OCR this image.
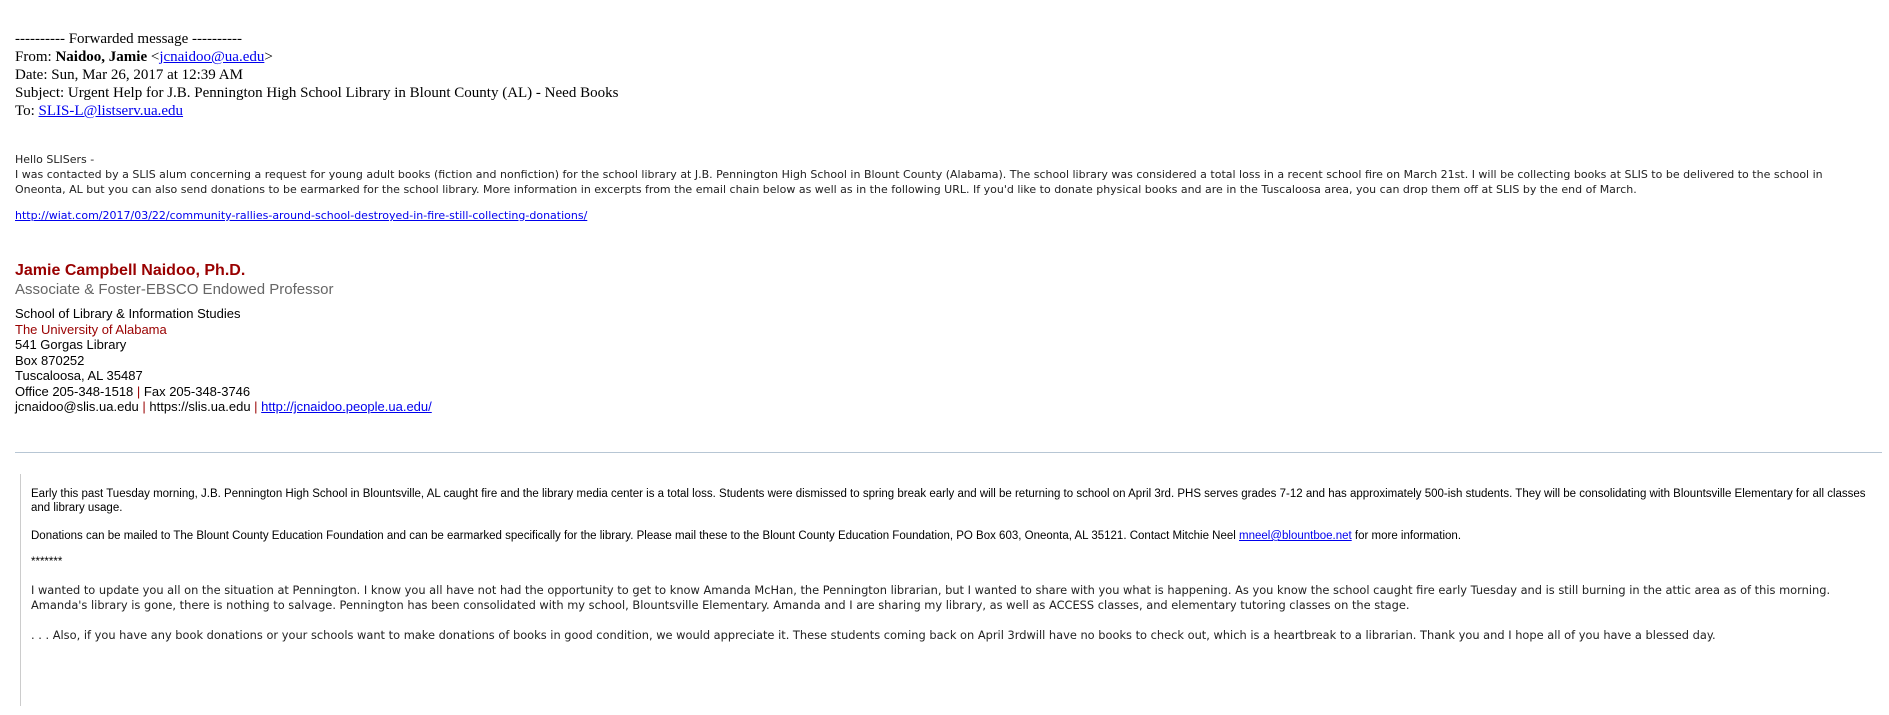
---------- Forwarded message ----------
From: Naidoo, Jamie <jcnaidoo@ua.edu>
Date: Sun, Mar 26, 2017 at 12:39 AM
Subject: Urgent Help for J.B. Pennington High School Library in Blount County (AL) - Need Books
To: SLIS-L@listserv.ua.edu
Hello SLISers -
I was contacted by a SLIS alum concerning a request for young adult books (fiction and nonfiction) for the school library at J.B. Pennington High School in Blount County (Alabama). The school library was considered a total loss in a recent school fire on March 21st. I will be collecting books at SLIS to be delivered to the school in Oneonta, AL but you can also send donations to be earmarked for the school library. More information in excerpts from the email chain below as well as in the following URL. If you'd like to donate physical books and are in the Tuscaloosa area, you can drop them off at SLIS by the end of March.
http://wiat.com/2017/03/22/community-rallies-around-school-destroyed-in-fire-still-collecting-donations/
Jamie Campbell Naidoo, Ph.D.
Associate & Foster-EBSCO Endowed Professor
School of Library & Information Studies
The University of Alabama
541 Gorgas Library
Box 870252
Tuscaloosa, AL 35487
Office 205-348-1518 | Fax 205-348-3746
jcnaidoo@slis.ua.edu | https://slis.ua.edu | http://jcnaidoo.people.ua.edu/
Early this past Tuesday morning, J.B. Pennington High School in Blountsville, AL caught fire and the library media center is a total loss. Students were dismissed to spring break early and will be returning to school on April 3rd. PHS serves grades 7-12 and has approximately 500-ish students. They will be consolidating with Blountsville Elementary for all classes and library usage.
Donations can be mailed to The Blount County Education Foundation and can be earmarked specifically for the library. Please mail these to the Blount County Education Foundation, PO Box 603, Oneonta, AL 35121. Contact Mitchie Neel mneel@blountboe.net for more information.
*******
I wanted to update you all on the situation at Pennington. I know you all have not had the opportunity to get to know Amanda McHan, the Pennington librarian, but I wanted to share with you what is happening. As you know the school caught fire early Tuesday and is still burning in the attic area as of this morning. Amanda's library is gone, there is nothing to salvage. Pennington has been consolidated with my school, Blountsville Elementary. Amanda and I are sharing my library, as well as ACCESS classes, and elementary tutoring classes on the stage.
. . . Also, if you have any book donations or your schools want to make donations of books in good condition, we would appreciate it. These students coming back on April 3rdwill have no books to check out, which is a heartbreak to a librarian. Thank you and I hope all of you have a blessed day.
